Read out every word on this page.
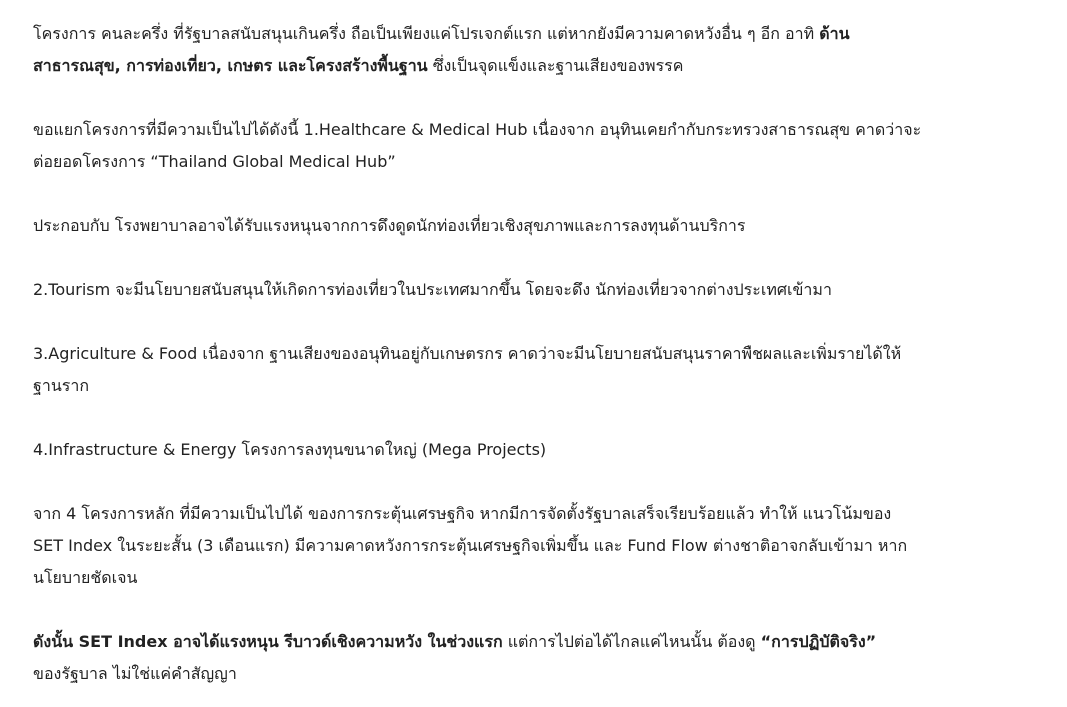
โครงการ คนละครึ่ง ที่รัฐบาลสนับสนุนเกินครึ่ง ถือเป็นเพียงแค่โปรเจกต์แรก แต่หากยังมีความคาดหวังอื่น ๆ อีก อาทิ ด้าน
สาธารณสุข, การท่องเที่ยว, เกษตร และโครงสร้างพื้นฐาน ซึ่งเป็นจุดแข็งและฐานเสียงของพรรค

ขอแยกโครงการที่มีความเป็นไปได้ดังนี้ 1.Healthcare & Medical Hub เนื่องจาก อนุทินเคยกำกับกระทรวงสาธารณสุข คาดว่าจะ
ต่อยอดโครงการ “Thailand Global Medical Hub”

ประกอบกับ โรงพยาบาลอาจได้รับแรงหนุนจากการดึงดูดนักท่องเที่ยวเชิงสุขภาพและการลงทุนด้านบริการ

2.Tourism จะมีนโยบายสนับสนุนให้เกิดการท่องเที่ยวในประเทศมากขึ้น โดยจะดึง นักท่องเที่ยวจากต่างประเทศเข้ามา

3.Agriculture & Food เนื่องจาก ฐานเสียงของอนุทินอยู่กับเกษตรกร คาดว่าจะมีนโยบายสนับสนุนราคาพืชผลและเพิ่มรายได้ให้
ฐานราก

4.Infrastructure & Energy โครงการลงทุนขนาดใหญ่ (Mega Projects)

จาก 4 โครงการหลัก ที่มีความเป็นไปได้ ของการกระตุ้นเศรษฐกิจ หากมีการจัดตั้งรัฐบาลเสร็จเรียบร้อยแล้ว ทำให้ แนวโน้มของ
SET Index ในระยะสั้น (3 เดือนแรก) มีความคาดหวังการกระตุ้นเศรษฐกิจเพิ่มขึ้น และ Fund Flow ต่างชาติอาจกลับเข้ามา หาก
นโยบายชัดเจน

ดังนั้น SET Index อาจได้แรงหนุน รีบาวด์เชิงความหวัง ในช่วงแรก แต่การไปต่อได้ไกลแค่ไหนนั้น ต้องดู “การปฏิบัติจริง”
ของรัฐบาล ไม่ใช่แค่คำสัญญา
